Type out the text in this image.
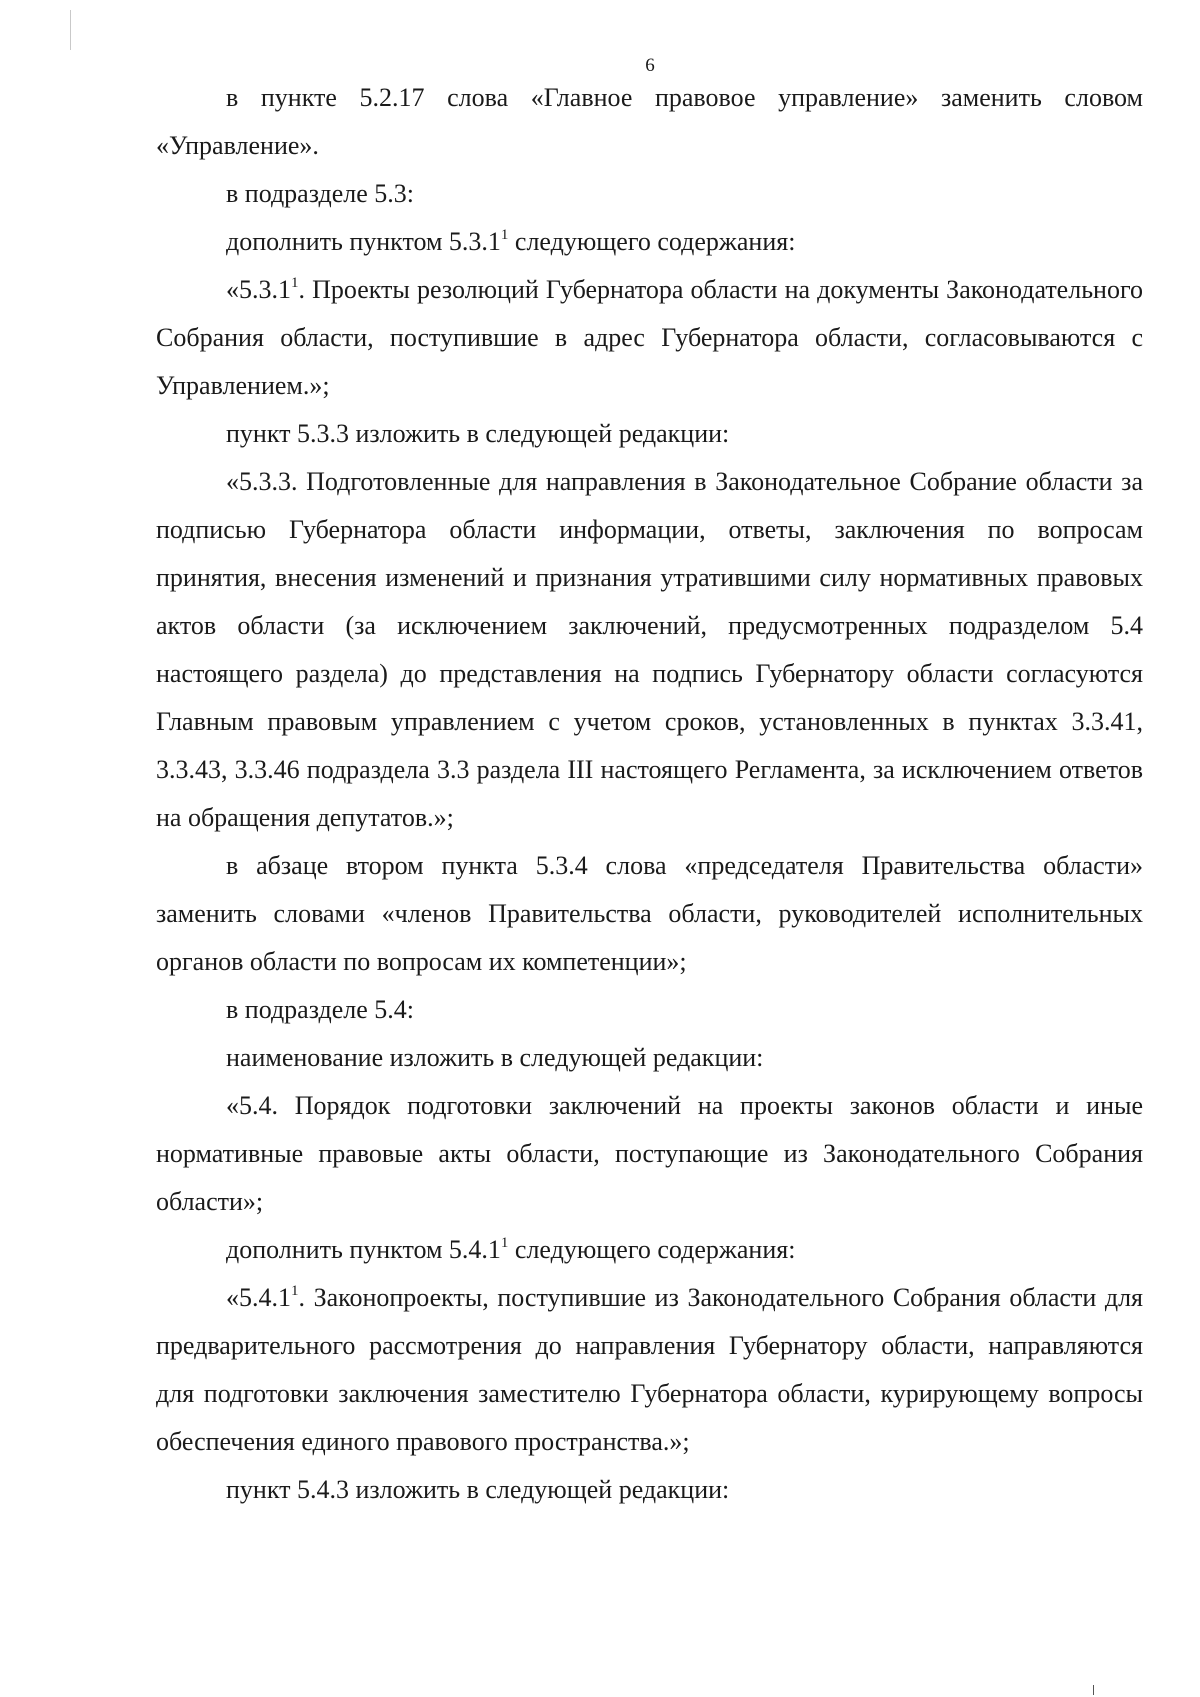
6

в пункте 5.2.17 слова «Главное правовое управление» заменить словом «Управление».

в подразделе 5.3:

дополнить пунктом 5.3.1$^1$ следующего содержания:

«5.3.1$^1$. Проекты резолюций Губернатора области на документы Законодательного Собрания области, поступившие в адрес Губернатора области, согласовываются с Управлением.»;

пункт 5.3.3 изложить в следующей редакции:

«5.3.3. Подготовленные для направления в Законодательное Собрание области за подписью Губернатора области информации, ответы, заключения по вопросам принятия, внесения изменений и признания утратившими силу нормативных правовых актов области (за исключением заключений, предусмотренных подразделом 5.4 настоящего раздела) до представления на подпись Губернатору области согласуются Главным правовым управлением с учетом сроков, установленных в пунктах 3.3.41, 3.3.43, 3.3.46 подраздела 3.3 раздела III настоящего Регламента, за исключением ответов на обращения депутатов.»;

в абзаце втором пункта 5.3.4 слова «председателя Правительства области» заменить словами «членов Правительства области, руководителей исполнительных органов области по вопросам их компетенции»;

в подразделе 5.4:

наименование изложить в следующей редакции:

«5.4. Порядок подготовки заключений на проекты законов области и иные нормативные правовые акты области, поступающие из Законодательного Собрания области»;

дополнить пунктом 5.4.1$^1$ следующего содержания:

«5.4.1$^1$. Законопроекты, поступившие из Законодательного Собрания области для предварительного рассмотрения до направления Губернатору области, направляются для подготовки заключения заместителю Губернатора области, курирующему вопросы обеспечения единого правового пространства.»;

пункт 5.4.3 изложить в следующей редакции:
